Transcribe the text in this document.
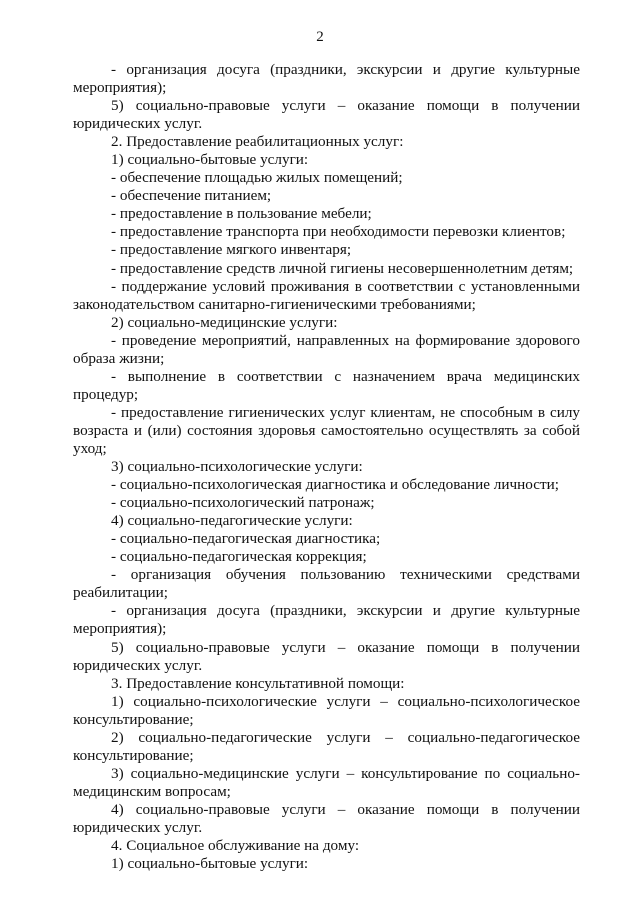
2

- организация досуга (праздники, экскурсии и другие культурные мероприятия);

5) социально-правовые услуги – оказание помощи в получении юридических услуг.

2. Предоставление реабилитационных услуг:

1) социально-бытовые услуги:

- обеспечение площадью жилых помещений;

- обеспечение питанием;

- предоставление в пользование мебели;

- предоставление транспорта при необходимости перевозки клиентов;

- предоставление мягкого инвентаря;

- предоставление средств личной гигиены несовершеннолетним детям;

- поддержание условий проживания в соответствии с установленными законодательством санитарно-гигиеническими требованиями;

2) социально-медицинские услуги:

- проведение мероприятий, направленных на формирование здорового образа жизни;

- выполнение в соответствии с назначением врача медицинских процедур;

- предоставление гигиенических услуг клиентам, не способным в силу возраста и (или) состояния здоровья самостоятельно осуществлять за собой уход;

3) социально-психологические услуги:

- социально-психологическая диагностика и обследование личности;

- социально-психологический патронаж;

4) социально-педагогические услуги:

- социально-педагогическая диагностика;

- социально-педагогическая коррекция;

- организация обучения пользованию техническими средствами реабилитации;

- организация досуга (праздники, экскурсии и другие культурные мероприятия);

5) социально-правовые услуги – оказание помощи в получении юридических услуг.

3. Предоставление консультативной помощи:

1) социально-психологические услуги – социально-психологическое консультирование;

2) социально-педагогические услуги – социально-педагогическое консультирование;

3) социально-медицинские услуги – консультирование по социально-медицинским вопросам;

4) социально-правовые услуги – оказание помощи в получении юридических услуг.

4. Социальное обслуживание на дому:

1) социально-бытовые услуги:
